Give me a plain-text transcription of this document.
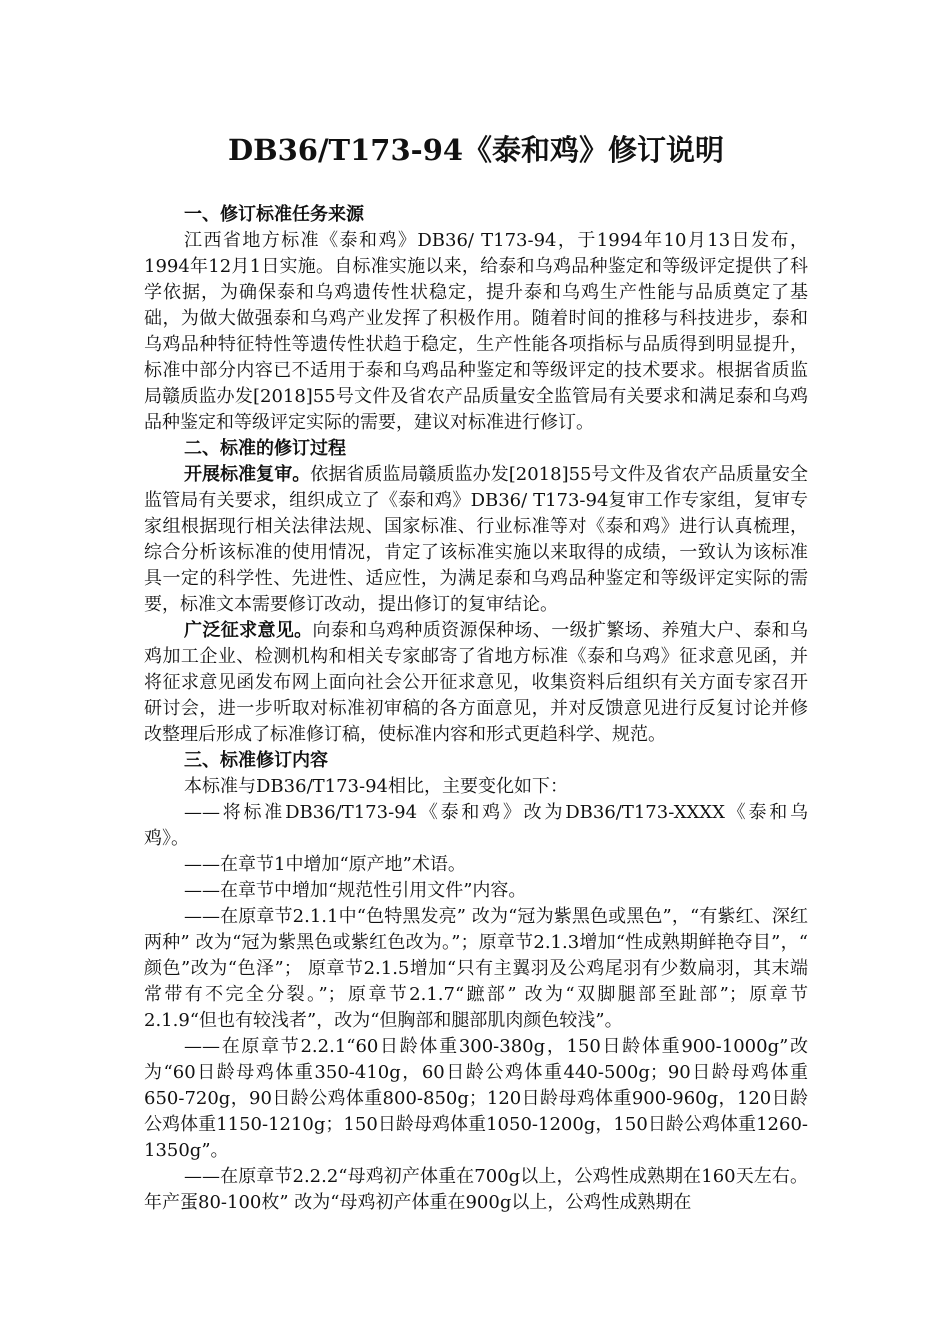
DB36/T173-94《泰和鸡》修订说明
一、修订标准任务来源

江西省地方标准《泰和鸡》DB36/ T173-94，于1994年10月13日发布，1994年12月1日实施。自标准实施以来，给泰和乌鸡品种鉴定和等级评定提供了科学依据，为确保泰和乌鸡遗传性状稳定，提升泰和乌鸡生产性能与品质奠定了基础，为做大做强泰和乌鸡产业发挥了积极作用。随着时间的推移与科技进步，泰和乌鸡品种特征特性等遗传性状趋于稳定，生产性能各项指标与品质得到明显提升，标准中部分内容已不适用于泰和乌鸡品种鉴定和等级评定的技术要求。根据省质监局赣质监办发[2018]55号文件及省农产品质量安全监管局有关要求和满足泰和乌鸡品种鉴定和等级评定实际的需要，建议对标准进行修订。

二、标准的修订过程

开展标准复审。依据省质监局赣质监办发[2018]55号文件及省农产品质量安全监管局有关要求，组织成立了《泰和鸡》DB36/ T173-94复审工作专家组，复审专家组根据现行相关法律法规、国家标准、行业标准等对《泰和鸡》进行认真梳理，综合分析该标准的使用情况，肯定了该标准实施以来取得的成绩，一致认为该标准具一定的科学性、先进性、适应性，为满足泰和乌鸡品种鉴定和等级评定实际的需要，标准文本需要修订改动，提出修订的复审结论。

广泛征求意见。向泰和乌鸡种质资源保种场、一级扩繁场、养殖大户、泰和乌鸡加工企业、检测机构和相关专家邮寄了省地方标准《泰和乌鸡》征求意见函，并将征求意见函发布网上面向社会公开征求意见，收集资料后组织有关方面专家召开研讨会，进一步听取对标准初审稿的各方面意见，并对反馈意见进行反复讨论并修改整理后形成了标准修订稿，使标准内容和形式更趋科学、规范。

三、标准修订内容

本标准与DB36/T173-94相比，主要变化如下：

——将标准DB36/T173-94《泰和鸡》改为DB36/T173-XXXX《泰和乌鸡》。

——在章节1中增加“原产地”术语。

——在章节中增加“规范性引用文件”内容。

——在原章节2.1.1中“色特黑发亮” 改为“冠为紫黑色或黑色”，“有紫红、深红两种” 改为“冠为紫黑色或紫红色改为。”；原章节2.1.3增加“性成熟期鲜艳夺目”，“ 颜色”改为“色泽”； 原章节2.1.5增加“只有主翼羽及公鸡尾羽有少数扁羽，其末端常带有不完全分裂。”；原章节2.1.7“蹠部” 改为“双脚腿部至趾部”；原章节2.1.9“但也有较浅者”，改为“但胸部和腿部肌肉颜色较浅”。

——在原章节2.2.1“60日龄体重300-380g，150日龄体重900-1000g”改为“60日龄母鸡体重350-410g，60日龄公鸡体重440-500g；90日龄母鸡体重650-720g，90日龄公鸡体重800-850g；120日龄母鸡体重900-960g，120日龄公鸡体重1150-1210g；150日龄母鸡体重1050-1200g，150日龄公鸡体重1260-1350g”。

——在原章节2.2.2“母鸡初产体重在700g以上，公鸡性成熟期在160天左右。年产蛋80-100枚” 改为“母鸡初产体重在900g以上，公鸡性成熟期在
